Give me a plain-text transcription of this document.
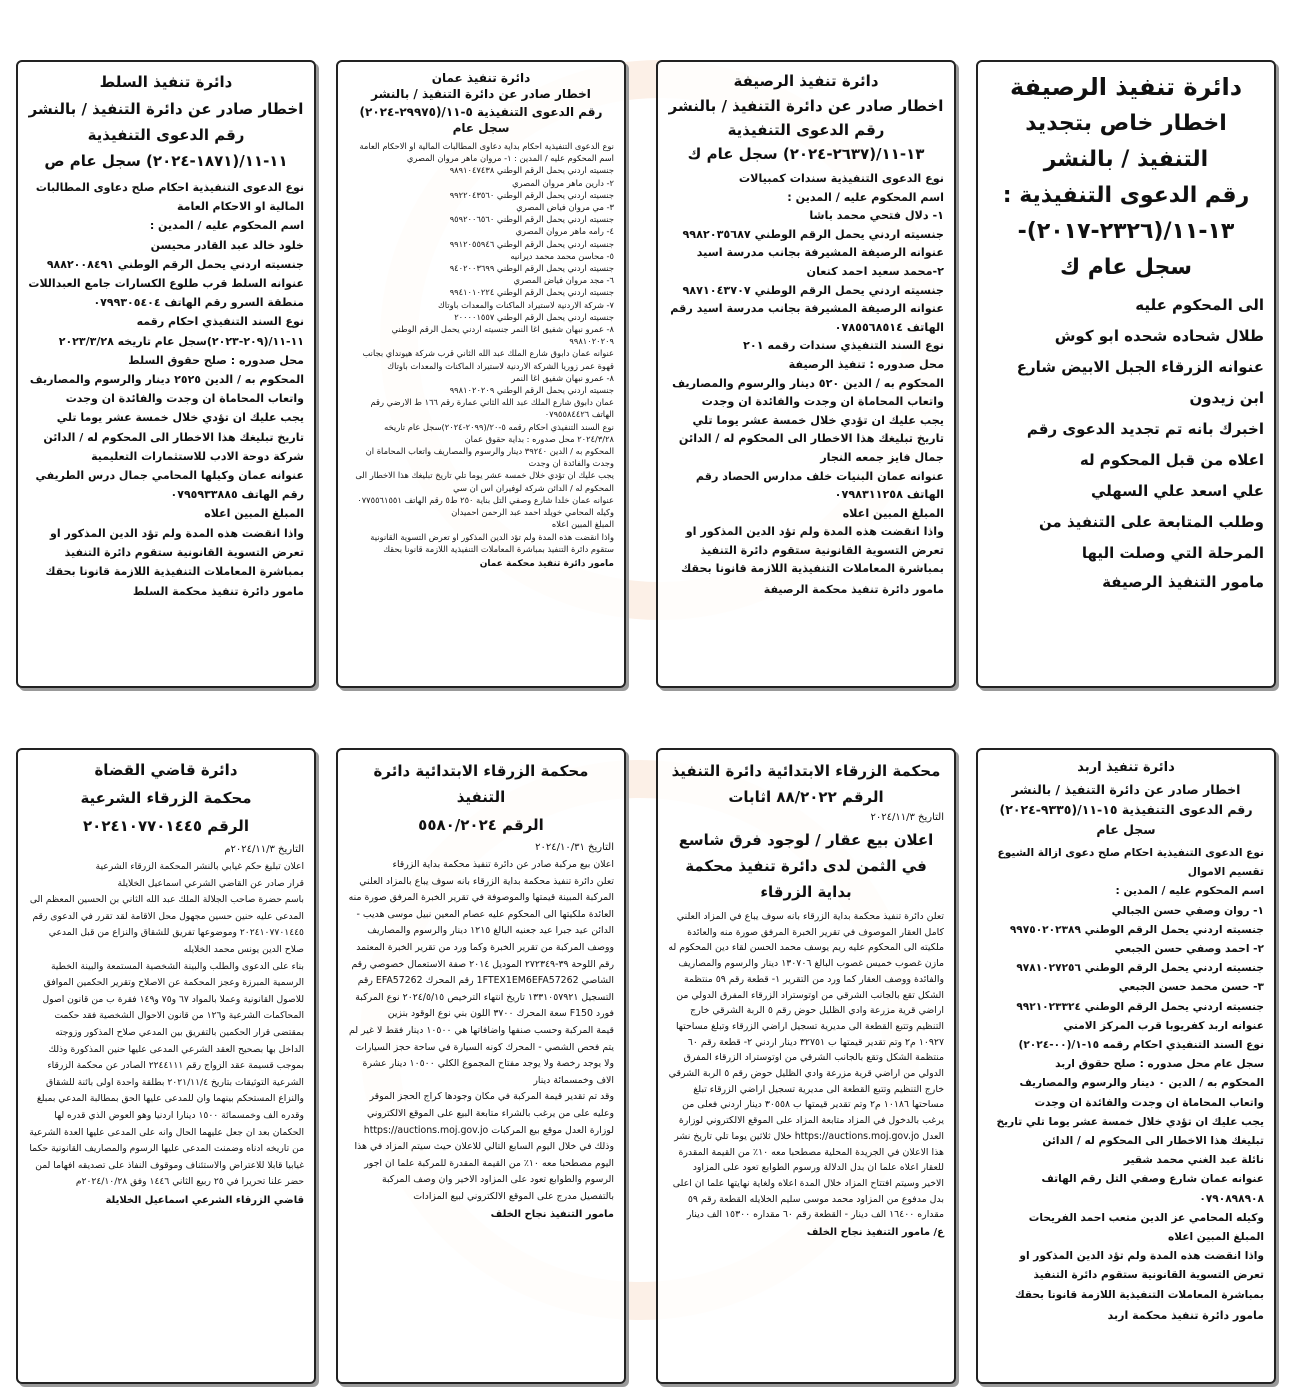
دائرة تنفيذ الرصيفة
اخطار خاص بتجديد التنفيذ / بالنشر
رقم الدعوى التنفيذية : ١٣-١١/(٢٣٢٦-٢٠١٧)- سجل عام ك
الى المحكوم عليه
طلال شحاده شحده ابو كوش
عنوانه الزرقاء الجبل الابيض شارع ابن زيدون
اخبرك بانه تم تجديد الدعوى رقم اعلاه من قبل المحكوم له
علي اسعد علي السهلي
وطلب المتابعة على التنفيذ من المرحلة التي وصلت اليها
مامور التنفيذ الرصيفة
دائرة تنفيذ الرصيفة
اخطار صادر عن دائرة التنفيذ / بالنشر
رقم الدعوى التنفيذية ١٣-١١/(٢٦٣٧-٢٠٢٤) سجل عام ك
نوع الدعوى التنفيذية سندات كمبيالات
اسم المحكوم عليه / المدين :
١- دلال فتحي محمد باشا
جنسيته اردني يحمل الرقم الوطني ٩٩٨٢٠٣٥٦٨٧
عنوانه الرصيفة المشيرفة بجانب مدرسة اسيد
٢-محمد سعيد احمد كنعان
جنسيته اردني يحمل الرقم الوطني ٩٨٧١٠٤٣٧٠٧
عنوانه الرصيفة المشيرفة بجانب مدرسة اسيد رقم الهاتف ٠٧٨٥٥٦٨٥١٤
نوع السند التنفيذي سندات رقمه ٢٠١
محل صدوره : تنفيذ الرصيفة
المحكوم به / الدين ٥٢٠ دينار والرسوم والمصاريف واتعاب المحاماة ان وجدت والفائدة ان وجدت
يجب عليك ان تؤدي خلال خمسة عشر يوما تلي تاريخ تبليغك هذا الاخطار الى المحكوم له / الدائن
جمال فايز جمعه النجار
عنوانه عمان البنيات خلف مدارس الحصاد رقم الهاتف ٠٧٩٨٣١١٢٥٨
المبلغ المبين اعلاه
واذا انقضت هذه المدة ولم تؤد الدين المذكور او تعرض التسوية القانونية ستقوم دائرة التنفيذ بمباشرة المعاملات التنفيذية اللازمة قانونا بحقك
مامور دائرة تنفيذ محكمة الرصيفة
دائرة تنفيذ عمان
اخطار صادر عن دائرة التنفيذ / بالنشر
رقم الدعوى التنفيذية ٥-١١/(٢٩٩٧٥-٢٠٢٤)
سجل عام
نوع الدعوى التنفيذية احكام بداية دعاوى المطالبات المالية او الاحكام العامة
اسم المحكوم عليه / المدين : ١- مروان ماهر مروان المصري
جنسيته اردني يحمل الرقم الوطني ٩٨٩١٠٤٧٤٣٨
٢- دارين ماهر مروان المصري
جنسيته اردني يحمل الرقم الوطني ٩٩٢٢٠٤٣٥٦٠
٣- مي مروان فياض المصري
جنسيته اردني يحمل الرقم الوطني ٩٥٩٢٠٠٦٥٦٠
٤- رامه ماهر مروان المصري
جنسيته اردني يحمل الرقم الوطني ٩٩١٢٠٥٥٩٤٦
٥- محاسن محمد محمد ديرانيه
جنسيته اردني يحمل الرقم الوطني ٩٤٠٢٠٠٣٦٩٩
٦- مجد مروان فياض المصري
جنسيته اردني يحمل الرقم الوطني ٩٩٤١٠١٠٢٢٤
٧- شركة الاردنية لاستيراد الماكنات والمعدات باوتاك
جنسيته اردني يحمل الرقم الوطني ٢٠٠٠٠١٥٥٧
٨- عمرو نبهان شفيق اغا النمر جنسيته اردني يحمل الرقم الوطني ٩٩٨١٠٢٠٢٠٩
عنوانه عمان دابوق شارع الملك عبد الله الثاني قرب شركة هيونداي بجانب قهوة عمر زوريا الشركة الاردنية لاستيراد الماكنات والمعدات باوتاك
٨- عمرو نبهان شفيق اغا النمر
جنسيته اردني يحمل الرقم الوطني ٩٩٨١٠٢٠٢٠٩
عمان دابوق شارع الملك عبد الله الثاني عمارة رقم ١٦٦ ط الارضي رقم الهاتف ٠٧٩٥٥٨٤٤٢٦
نوع السند التنفيذي احكام رقمه ٥-٢٠/(٢٠٩٩-٢٠٢٤)سجل عام تاريخه ٢٠٢٤/٣/٢٨ محل صدوره : بداية حقوق عمان
المحكوم به / الدين ٣٩٢٤٠ دينار والرسوم والمصاريف واتعاب المحاماة ان وجدت والفائدة ان وجدت
يجب عليك ان تؤدي خلال خمسة عشر يوما تلي تاريخ تبليغك هذا الاخطار الى المحكوم له / الدائن شركة لوفيران اس ان سي
عنوانه عمان خلدا شارع وصفي التل بناية ٢٥٠ ط٥ رقم الهاتف ٠٧٧٥٥٦١٥٥١ وكيله المحامي خويلد احمد عبد الرحمن احميدان
المبلغ المبين اعلاه
واذا انقضت هذه المدة ولم تؤد الدين المذكور او تعرض التسوية القانونية ستقوم دائرة التنفيذ بمباشرة المعاملات التنفيذية اللازمة قانونا بحقك
مامور دائرة تنفيذ محكمة عمان
دائرة تنفيذ السلط
اخطار صادر عن دائرة التنفيذ / بالنشر
رقم الدعوى التنفيذية ١١-١١/(١٨٧١-٢٠٢٤) سجل عام ص
نوع الدعوى التنفيذية احكام صلح دعاوى المطالبات المالية او الاحكام العامة
اسم المحكوم عليه / المدين :
خلود خالد عبد القادر محيسن
جنسيته اردني يحمل الرقم الوطني ٩٨٨٢٠٠٨٤٩١
عنوانه السلط قرب طلوع الكسارات جامع العبداللات منطقة السرو رقم الهاتف ٠٧٩٩٣٠٥٤٠٤
نوع السند التنفيذي احكام رقمه ١١-١١/(٢٠٩-٢٠٢٣)سجل عام تاريخه ٢٠٢٣/٣/٢٨
محل صدوره : صلح حقوق السلط
المحكوم به / الدين ٢٥٢٥ دينار والرسوم والمصاريف واتعاب المحاماة ان وجدت والفائدة ان وجدت
يجب عليك ان تؤدي خلال خمسة عشر يوما تلي تاريخ تبليغك هذا الاخطار الى المحكوم له / الدائن
شركة دوحة الادب للاستثمارات التعليمية
عنوانه عمان وكيلها المحامي جمال درس الطريفي رقم الهاتف ٠٧٩٥٩٣٣٨٨٥
المبلغ المبين اعلاه
واذا انقضت هذه المدة ولم تؤد الدين المذكور او تعرض التسوية القانونية ستقوم دائرة التنفيذ بمباشرة المعاملات التنفيذية اللازمة قانونا بحقك
مامور دائرة تنفيذ محكمة السلط
دائرة تنفيذ اربد
اخطار صادر عن دائرة التنفيذ / بالنشر
رقم الدعوى التنفيذية ١٥-١١/(٩٣٣٥-٢٠٢٤) سجل عام
نوع الدعوى التنفيذية احكام صلح دعوى ازالة الشيوع تقسيم الاموال
اسم المحكوم عليه / المدين :
١- روان وصفي حسن الجبالي
جنسيته اردني يحمل الرقم الوطني ٩٩٧٥٠٢٠٢٣٨٩
٢- احمد وصفي حسن الجبعي
جنسيته اردني يحمل الرقم الوطني ٩٧٨١٠٢٧٢٥٦
٣- حسن محمد حسن الجبعي
جنسيته اردني يحمل الرقم الوطني ٩٩٢١٠٢٣٣٢٤
عنوانه اربد كفريوبا قرب المركز الامني
نوع السند التنفيذي احكام رقمه ١٥-١/(٠٠-٢٠٢٤) سجل عام محل صدوره : صلح حقوق اربد
المحكوم به / الدين ٠ دينار والرسوم والمصاريف واتعاب المحاماة ان وجدت والفائدة ان وجدت
يجب عليك ان تؤدي خلال خمسة عشر يوما تلي تاريخ تبليغك هذا الاخطار الى المحكوم له / الدائن
نائلة عبد الغني محمد شقير
عنوانه عمان شارع وصفي التل رقم الهاتف ٠٧٩٠٨٩٨٩٠٨
وكيله المحامي عز الدين متعب احمد الفريحات
المبلغ المبين اعلاه
واذا انقضت هذه المدة ولم تؤد الدين المذكور او تعرض التسوية القانونية ستقوم دائرة التنفيذ بمباشرة المعاملات التنفيذية اللازمة قانونا بحقك
مامور دائرة تنفيذ محكمة اربد
محكمة الزرقاء الابتدائية دائرة التنفيذ
الرقم ٨٨/٢٠٢٢ اثابات
التاريخ ٢٠٢٤/١١/٣
اعلان بيع عقار / لوجود فرق شاسع في الثمن لدى دائرة تنفيذ محكمة بداية الزرقاء
تعلن دائرة تنفيذ محكمة بداية الزرقاء بانه سوف يباع في المزاد العلني كامل العقار الموصوف في تقرير الخبرة المرفق صورة منه والعائدة ملكيته الى المحكوم عليه ريم يوسف محمد الحسن لقاء دين المحكوم له مازن غصوب خميس غصوب البالغ ١٣٠٧٠٦ دينار والرسوم والمصاريف والفائدة ووصف العقار كما ورد من التقرير ١- قطعة رقم ٥٩ منتظمة الشكل تقع بالجانب الشرقي من اوتوستراد الزرقاء المفرق الدولي من اراضي قرية مزرعة وادي الظليل حوض رقم ٥ الربة الشرقي خارج التنظيم وتتبع القطعة الى مديرية تسجيل اراضي الزرقاء وتبلغ مساحتها ١٠٩٢٧ م٢ وتم تقدير قيمتها ب ٣٢٧٥١ دينار اردني ٢- قطعة رقم ٦٠ منتظمة الشكل وتقع بالجانب الشرقي من اوتوستراد الزرقاء المفرق الدولي من اراضي قرية مزرعة وادي الظليل حوض رقم ٥ الربة الشرقي خارج التنظيم وتتبع القطعة الى مديرية تسجيل اراضي الزرقاء تبلغ مساحتها ١٠١٨٦ م٢ وتم تقدير قيمتها ب ٣٠٥٥٨ دينار اردني فعلى من يرغب بالدخول في المزاد متابعة المزاد على الموقع الالكتروني لوزارة العدل https://auctions.moj.gov.jo خلال ثلاثين يوما تلي تاريخ نشر هذا الاعلان في الجريدة المحلية مصطحبا معه ١٠٪ من القيمة المقدرة للعقار اعلاه علما ان بدل الدلالة ورسوم الطوابع تعود على المزاود الاخير وسيتم افتتاح المزاد خلال المدة اعلاه ولغاية نهايتها علما ان اعلى بدل مدفوع من المزاود محمد موسى سليم الخلايله القطعة رقم ٥٩ مقداره ١٦٤٠٠ الف دينار - القطعة رقم ٦٠ مقداره ١٥٣٠٠ الف دينار
ع/ مامور التنفيذ نجاح الخلف
محكمة الزرقاء الابتدائية دائرة التنفيذ
الرقم ٥٥٨٠/٢٠٢٤
التاريخ ٢٠٢٤/١٠/٣١
اعلان بيع مركبة صادر عن دائرة تنفيذ محكمة بداية الزرقاء
تعلن دائرة تنفيذ محكمة بداية الزرقاء بانه سوف يباع بالمزاد العلني المركبة المبينة قيمتها والموصوفة في تقرير الخبرة المرفق صورة منه العائدة ملكيتها الى المحكوم عليه عصام المعين نبيل موسى هديب - الدائن عيد جبرا عيد جعنيه البالغ ١٢١٥ دينار والرسوم والمصاريف ووصف المركبة من تقرير الخبرة وكما ورد من تقرير الخبرة المعتمد رقم اللوحة ٣٩-٢٧٢٣٤٩ الموديل ٢٠١٤ صفة الاستعمال خصوصي رقم الشاصي 1FTEX1EM6EFA57262 رقم المحرك EFA57262 رقم التسجيل ١٣٣١٠٥٧٩٢١ تاريخ انتهاء الترخيص ٢٠٢٤/٥/١٥ نوع المركبة فورد F150 سعة المحرك ٣٧٠٠ اللون بني نوع الوقود بنزين
قيمة المركبة وحسب صنفها واضافاتها هي ١٠٥٠٠ دينار فقط لا غير لم يتم فحص الشصي - المحرك كونه السيارة في ساحة حجز السيارات ولا يوجد رخصة ولا يوجد مفتاح المجموع الكلي ١٠٥٠٠ دينار عشرة الاف وخمسمائة دينار
وقد تم تقدير قيمة المركبة في مكان وجودها كراج الحجز الموقر وعليه على من يرغب بالشراء متابعة البيع على الموقع الالكتروني لوزارة العدل موقع بيع المركبات https://auctions.moj.gov.jo وذلك في خلال اليوم السابع التالي للاعلان حيث سيتم المزاد في هذا اليوم مصطحبا معه ١٠٪ من القيمة المقدرة للمركبة علما ان اجور الرسوم والطوابع تعود على المزاود الاخير وان وصف المركبة بالتفصيل مدرج على الموقع الالكتروني لبيع المزادات
مامور التنفيذ نجاح الخلف
دائرة قاضي القضاة
محكمة الزرقاء الشرعية
الرقم ٢٠٢٤١٠٧٧٠١٤٤٥
التاريخ ٢٠٢٤/١١/٣م
اعلان تبليغ حكم غيابي بالنشر المحكمة الزرقاء الشرعية
قرار صادر عن القاضي الشرعي اسماعيل الخلايلة
باسم حضرة صاحب الجلالة الملك عبد الله الثاني بن الحسين المعظم الى المدعى عليه حنين حسين مجهول محل الاقامة لقد تقرر في الدعوى رقم ٢٠٢٤١٠٧٧٠١٤٤٥ وموضوعها تفريق للشقاق والنزاع من قبل المدعي صلاح الدين يونس محمد الخلايله
بناء على الدعوى والطلب والبينة الشخصية المستمعة والبينة الخطية الرسمية المبرزة وعجز المحكمة عن الاصلاح وتقرير الحكمين الموافق للاصول القانونية وعملا بالمواد ٦٧ و٧٥ و١٤٩ فقرة ب من قانون اصول المحاكمات الشرعية و١٢٦ من قانون الاحوال الشخصية فقد حكمت بمقتضى قرار الحكمين بالتفريق بين المدعي صلاح المذكور وزوجته الداخل بها بصحيح العقد الشرعي المدعى عليها حنين المذكورة وذلك بموجب قسيمة عقد الزواج رقم ٢٢٤٤١١١ الصادر عن محكمة الزرقاء الشرعية التوثيقات بتاريخ ٢٠٢١/١١/٤ بطلقة واحدة اولى بائنة للشقاق والنزاع المستحكم بينهما وان للمدعى عليها الحق بمطالبة المدعي بمبلغ وقدره الف وخمسمائة ١٥٠٠ دينارا اردنيا وهو العوض الذي قدره لها الحكمان بعد ان جعل عليهما الحال وانه على المدعى عليها العدة الشرعية من تاريخه ادناه وضمنت المدعى عليها الرسوم والمصاريف القانونية حكما غيابيا قابلا للاعتراض والاستئناف وموقوف النفاذ على تصديقه افهاما لمن حضر علنا تحريرا في ٢٥ ربيع الثاني ١٤٤٦ وفق ٢٠٢٤/١٠/٢٨م
قاضي الزرقاء الشرعي اسماعيل الخلايلة
